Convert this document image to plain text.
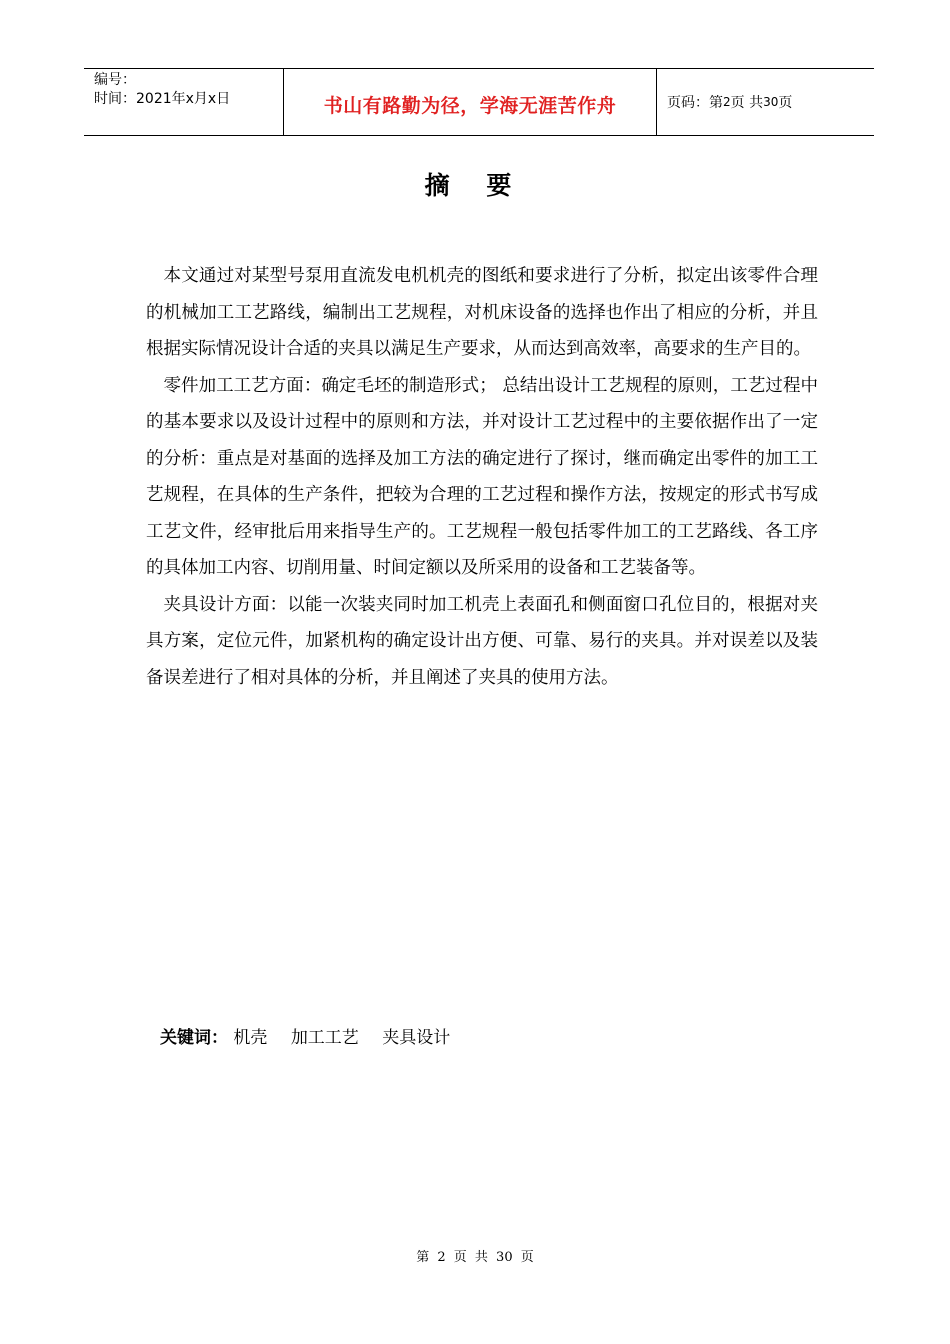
编号：
时间：2021年x月x日	书山有路勤为径，学海无涯苦作舟	页码：第 2 页 共 30 页
摘 要

本文通过对某型号泵用直流发电机机壳的图纸和要求进行了分析，拟定出该零件合理的机械加工工艺路线，编制出工艺规程，对机床设备的选择也作出了相应的分析，并且根据实际情况设计合适的夹具以满足生产要求，从而达到高效率，高要求的生产目的。

零件加工工艺方面：确定毛坯的制造形式； 总结出设计工艺规程的原则，工艺过程中的基本要求以及设计过程中的原则和方法，并对设计工艺过程中的主要依据作出了一定的分析：重点是对基面的选择及加工方法的确定进行了探讨，继而确定出零件的加工工艺规程，在具体的生产条件，把较为合理的工艺过程和操作方法，按规定的形式书写成工艺文件，经审批后用来指导生产的。工艺规程一般包括零件加工的工艺路线、各工序的具体加工内容、切削用量、时间定额以及所采用的设备和工艺装备等。

夹具设计方面：以能一次装夹同时加工机壳上表面孔和侧面窗口孔位目的，根据对夹具方案，定位元件，加紧机构的确定设计出方便、可靠、易行的夹具。并对误差以及装备误差进行了相对具体的分析，并且阐述了夹具的使用方法。

关键词： 机壳 加工工艺 夹具设计
第 2 页 共 30 页
